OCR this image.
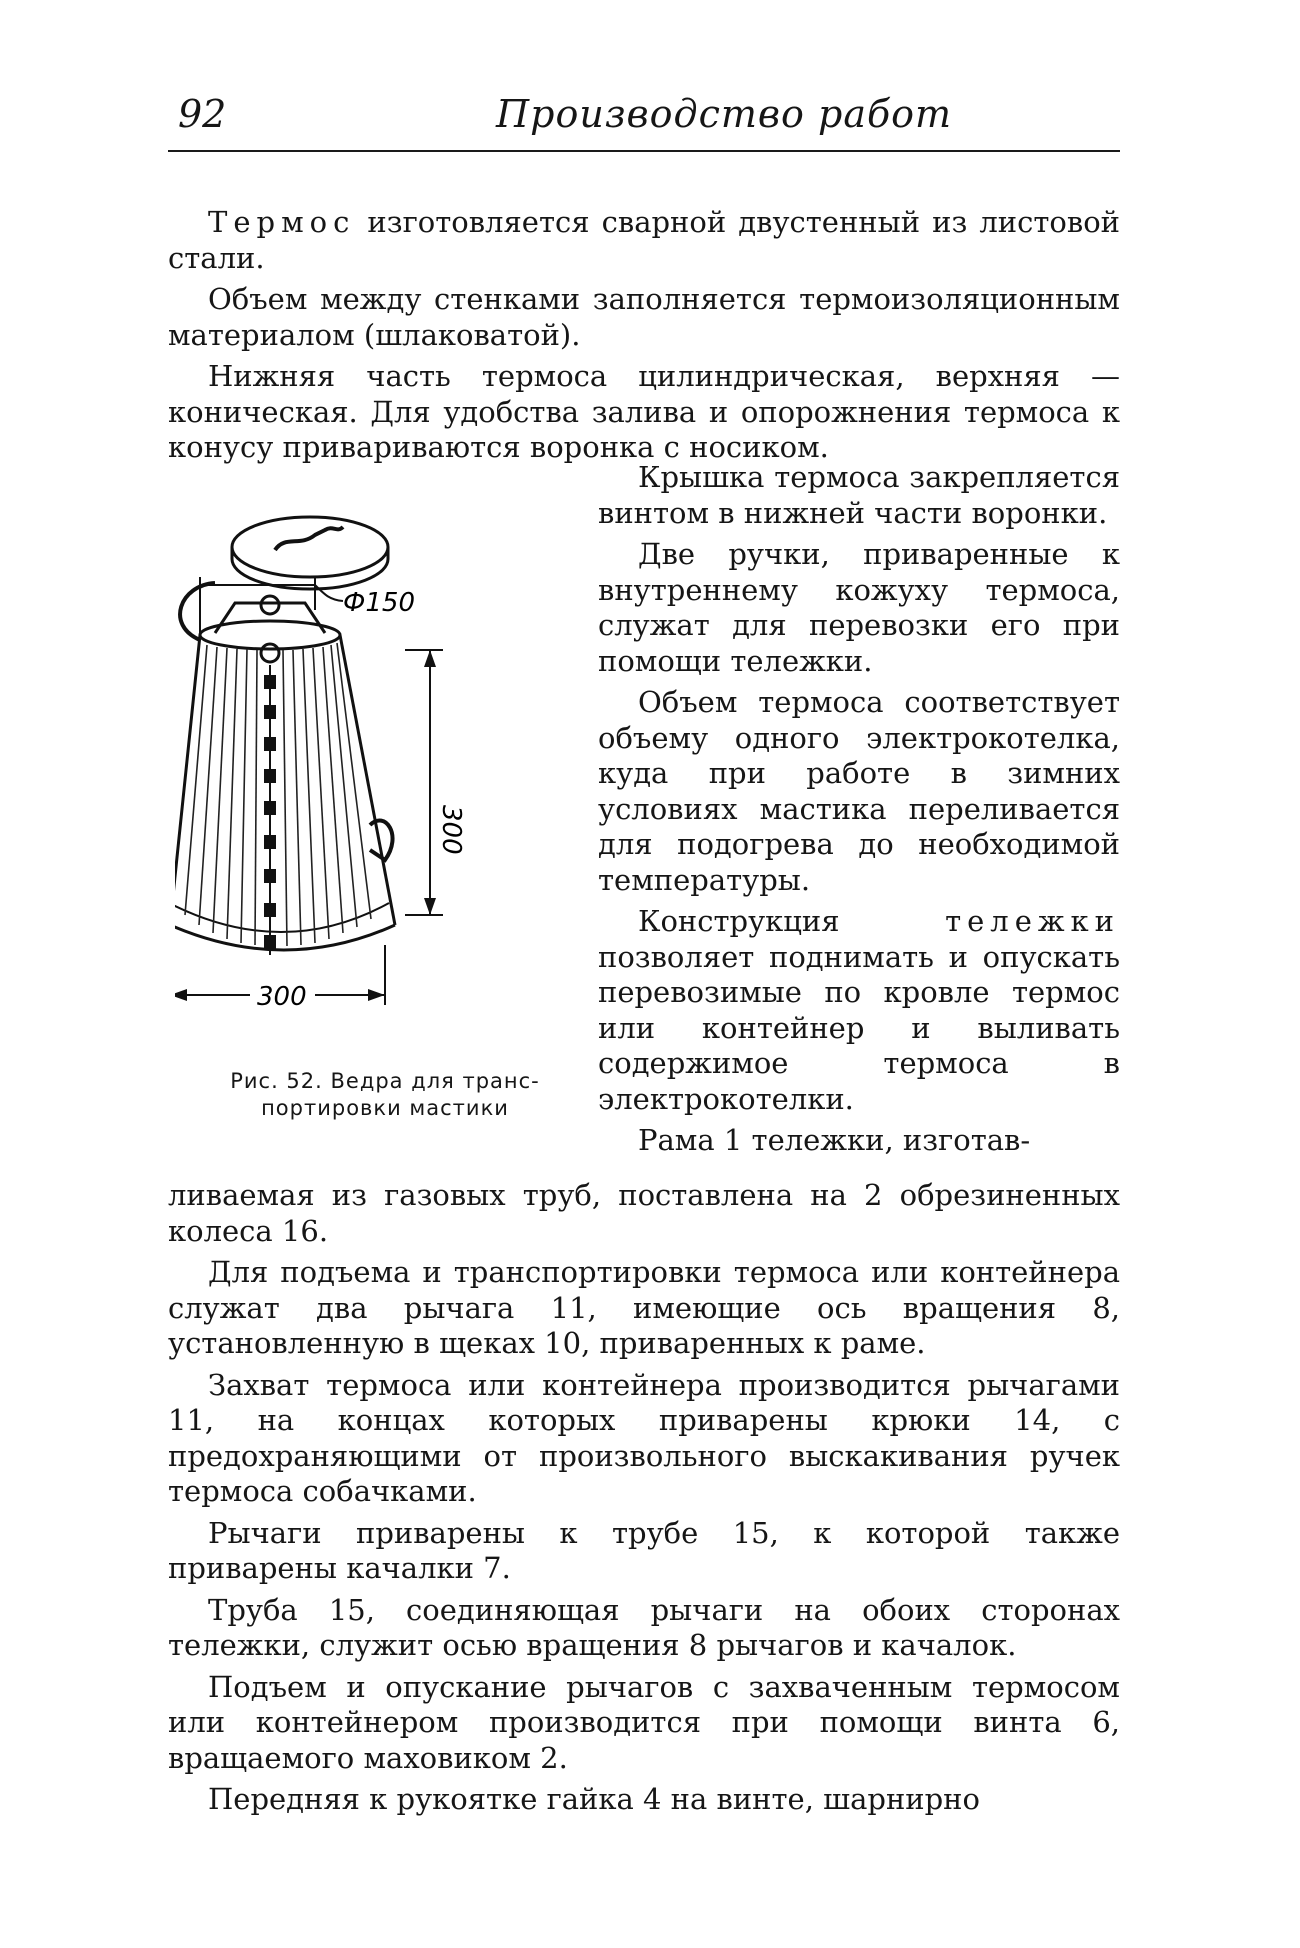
92	Производство работ

Термос изготовляется сварной двустенный из листовой стали.

Объем между стенками заполняется термоизоляционным материалом (шлаковатой).

Нижняя часть термоса цилиндрическая, верхняя — коническая. Для удобства залива и опорожнения термоса к конусу привариваются воронка с носиком.

Крышка термоса закрепляется винтом в нижней части воронки.

Две ручки, приваренные к внутреннему кожуху термоса, служат для перевозки его при помощи тележки.

Объем термоса соответствует объему одного электрокотелка, куда при работе в зимних условиях мастика переливается для подогрева до необходимой температуры.

Конструкция тележки позволяет поднимать и опускать перевозимые по кровле термос или контейнер и выливать содержимое термоса в электрокотелки.

Рама 1 тележки, изготав-

Ф150
300
300
Рис. 52. Ведра для транс-
портировки мастики

ливаемая из газовых труб, поставлена на 2 обрезиненных колеса 16.

Для подъема и транспортировки термоса или контейнера служат два рычага 11, имеющие ось вращения 8, установленную в щеках 10, приваренных к раме.

Захват термоса или контейнера производится рычагами 11, на концах которых приварены крюки 14, с предохраняющими от произвольного выскакивания ручек термоса собачками.

Рычаги приварены к трубе 15, к которой также приварены качалки 7.

Труба 15, соединяющая рычаги на обоих сторонах тележки, служит осью вращения 8 рычагов и качалок.

Подъем и опускание рычагов с захваченным термосом или контейнером производится при помощи винта 6, вращаемого маховиком 2.

Передняя к рукоятке гайка 4 на винте, шарнирно
